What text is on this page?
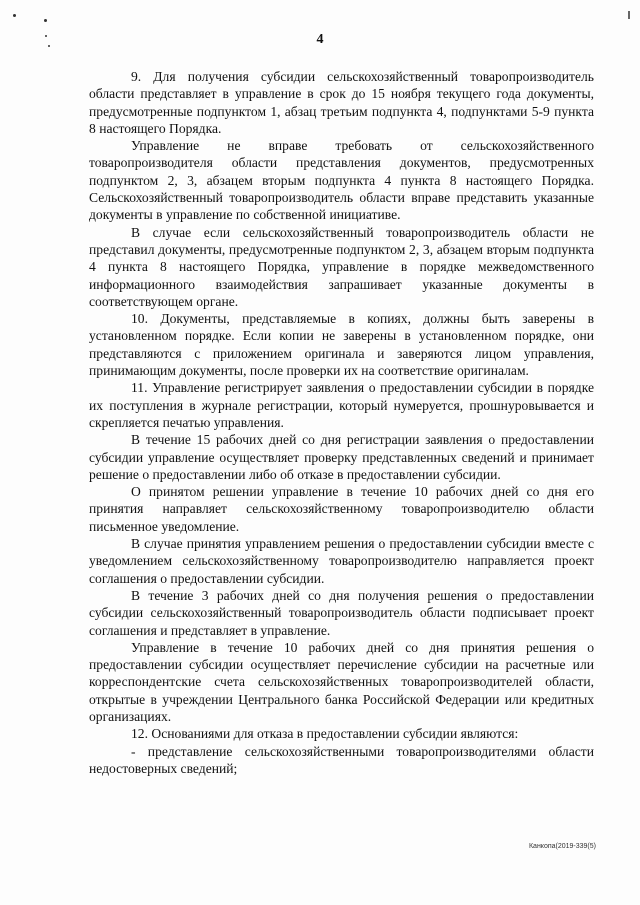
4

9. Для получения субсидии сельскохозяйственный товаропроизводитель области представляет в управление в срок до 15 ноября текущего года документы, предусмотренные подпунктом 1, абзац третьим подпункта 4, подпунктами 5-9 пункта 8 настоящего Порядка.

Управление не вправе требовать от сельскохозяйственного товаропроизводителя области представления документов, предусмотренных подпунктом 2, 3, абзацем вторым подпункта 4 пункта 8 настоящего Порядка. Сельскохозяйственный товаропроизводитель области вправе представить указанные документы в управление по собственной инициативе.

В случае если сельскохозяйственный товаропроизводитель области не представил документы, предусмотренные подпунктом 2, 3, абзацем вторым подпункта 4 пункта 8 настоящего Порядка, управление в порядке межведомственного информационного взаимодействия запрашивает указанные документы в соответствующем органе.

10. Документы, представляемые в копиях, должны быть заверены в установленном порядке. Если копии не заверены в установленном порядке, они представляются с приложением оригинала и заверяются лицом управления, принимающим документы, после проверки их на соответствие оригиналам.

11. Управление регистрирует заявления о предоставлении субсидии в порядке их поступления в журнале регистрации, который нумеруется, прошнуровывается и скрепляется печатью управления.

В течение 15 рабочих дней со дня регистрации заявления о предоставлении субсидии управление осуществляет проверку представленных сведений и принимает решение о предоставлении либо об отказе в предоставлении субсидии.

О принятом решении управление в течение 10 рабочих дней со дня его принятия направляет сельскохозяйственному товаропроизводителю области письменное уведомление.

В случае принятия управлением решения о предоставлении субсидии вместе с уведомлением сельскохозяйственному товаропроизводителю направляется проект соглашения о предоставлении субсидии.

В течение 3 рабочих дней со дня получения решения о предоставлении субсидии сельскохозяйственный товаропроизводитель области подписывает проект соглашения и представляет в управление.

Управление в течение 10 рабочих дней со дня принятия решения о предоставлении субсидии осуществляет перечисление субсидии на расчетные или корреспондентские счета сельскохозяйственных товаропроизводителей области, открытые в учреждении Центрального банка Российской Федерации или кредитных организациях.

12. Основаниями для отказа в предоставлении субсидии являются:

- представление сельскохозяйственными товаропроизводителями области недостоверных сведений;

Канкопа(2019-339(5)
